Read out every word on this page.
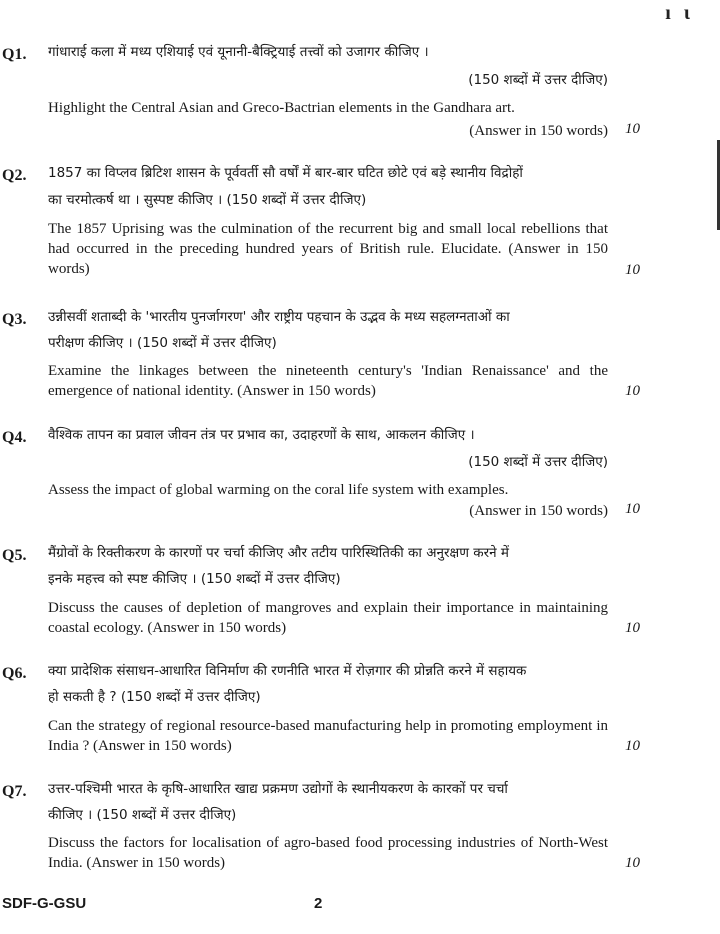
ı ι
Q1. गांधाराई कला में मध्य एशियाई एवं यूनानी-बैक्ट्रियाई तत्त्वों को उजागर कीजिए ।
(150 शब्दों में उत्तर दीजिए)
Highlight the Central Asian and Greco-Bactrian elements in the Gandhara art.
(Answer in 150 words)	10
Q2. 1857 का विप्लव ब्रिटिश शासन के पूर्ववर्ती सौ वर्षों में बार-बार घटित छोटे एवं बड़े स्थानीय विद्रोहों
का चरमोत्कर्ष था । सुस्पष्ट कीजिए । (150 शब्दों में उत्तर दीजिए)
The 1857 Uprising was the culmination of the recurrent big and small local rebellions that had occurred in the preceding hundred years of British rule. Elucidate. (Answer in 150 words)	10
Q3. उन्नीसवीं शताब्दी के 'भारतीय पुनर्जागरण' और राष्ट्रीय पहचान के उद्भव के मध्य सहलग्नताओं का
परीक्षण कीजिए । (150 शब्दों में उत्तर दीजिए)
Examine the linkages between the nineteenth century's 'Indian Renaissance' and the emergence of national identity. (Answer in 150 words)	10
Q4. वैश्विक तापन का प्रवाल जीवन तंत्र पर प्रभाव का, उदाहरणों के साथ, आकलन कीजिए ।
(150 शब्दों में उत्तर दीजिए)
Assess the impact of global warming on the coral life system with examples.
(Answer in 150 words)	10
Q5. मैंग्रोवों के रिक्तीकरण के कारणों पर चर्चा कीजिए और तटीय पारिस्थितिकी का अनुरक्षण करने में
इनके महत्त्व को स्पष्ट कीजिए । (150 शब्दों में उत्तर दीजिए)
Discuss the causes of depletion of mangroves and explain their importance in maintaining coastal ecology. (Answer in 150 words)	10
Q6. क्या प्रादेशिक संसाधन-आधारित विनिर्माण की रणनीति भारत में रोज़गार की प्रोन्नति करने में सहायक
हो सकती है ? (150 शब्दों में उत्तर दीजिए)
Can the strategy of regional resource-based manufacturing help in promoting employment in India ? (Answer in 150 words)	10
Q7. उत्तर-पश्चिमी भारत के कृषि-आधारित खाद्य प्रक्रमण उद्योगों के स्थानीयकरण के कारकों पर चर्चा
कीजिए । (150 शब्दों में उत्तर दीजिए)
Discuss the factors for localisation of agro-based food processing industries of North-West India. (Answer in 150 words)	10
SDF-G-GSU	2
